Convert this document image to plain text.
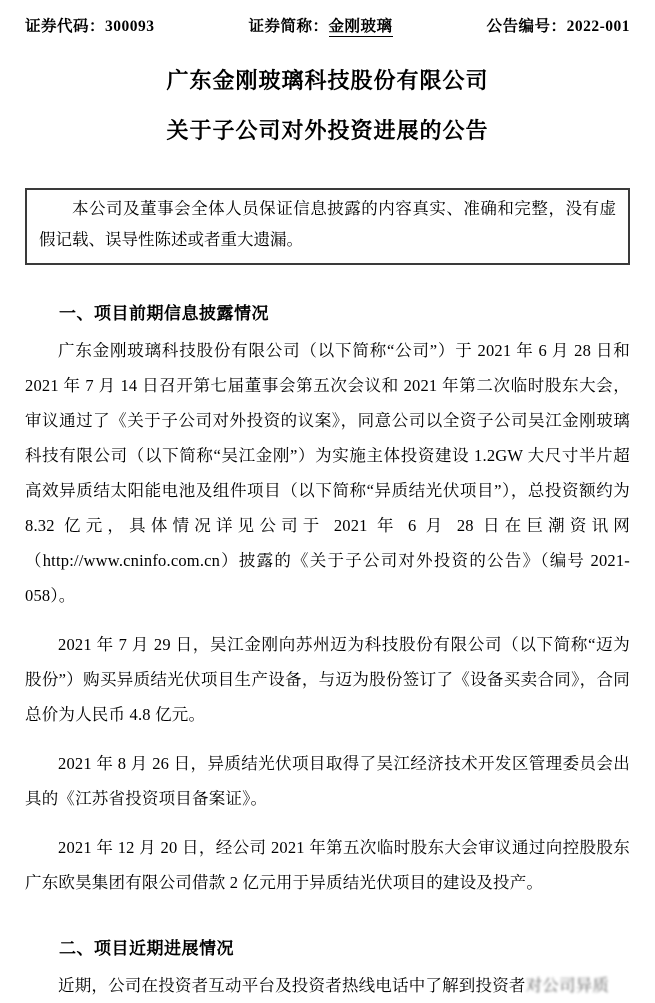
证券代码：300093	证券简称：金刚玻璃	公告编号：2022-001
广东金刚玻璃科技股份有限公司
关于子公司对外投资进展的公告

本公司及董事会全体人员保证信息披露的内容真实、准确和完整，没有虚假记载、误导性陈述或者重大遗漏。

一、项目前期信息披露情况

广东金刚玻璃科技股份有限公司（以下简称“公司”）于 2021 年 6 月 28 日和 2021 年 7 月 14 日召开第七届董事会第五次会议和 2021 年第二次临时股东大会，审议通过了《关于子公司对外投资的议案》，同意公司以全资子公司吴江金刚玻璃科技有限公司（以下简称“吴江金刚”）为实施主体投资建设 1.2GW 大尺寸半片超高效异质结太阳能电池及组件项目（以下简称“异质结光伏项目”），总投资额约为 8.32 亿元，具体情况详见公司于 2021 年 6 月 28 日在巨潮资讯网（http://www.cninfo.com.cn）披露的《关于子公司对外投资的公告》（编号 2021-058）。

2021 年 7 月 29 日，吴江金刚向苏州迈为科技股份有限公司（以下简称“迈为股份”）购买异质结光伏项目生产设备，与迈为股份签订了《设备买卖合同》，合同总价为人民币 4.8 亿元。

2021 年 8 月 26 日，异质结光伏项目取得了吴江经济技术开发区管理委员会出具的《江苏省投资项目备案证》。

2021 年 12 月 20 日，经公司 2021 年第五次临时股东大会审议通过向控股股东广东欧昊集团有限公司借款 2 亿元用于异质结光伏项目的建设及投产。

二、项目近期进展情况

近期，公司在投资者互动平台及投资者热线电话中了解到投资者对公司异质
